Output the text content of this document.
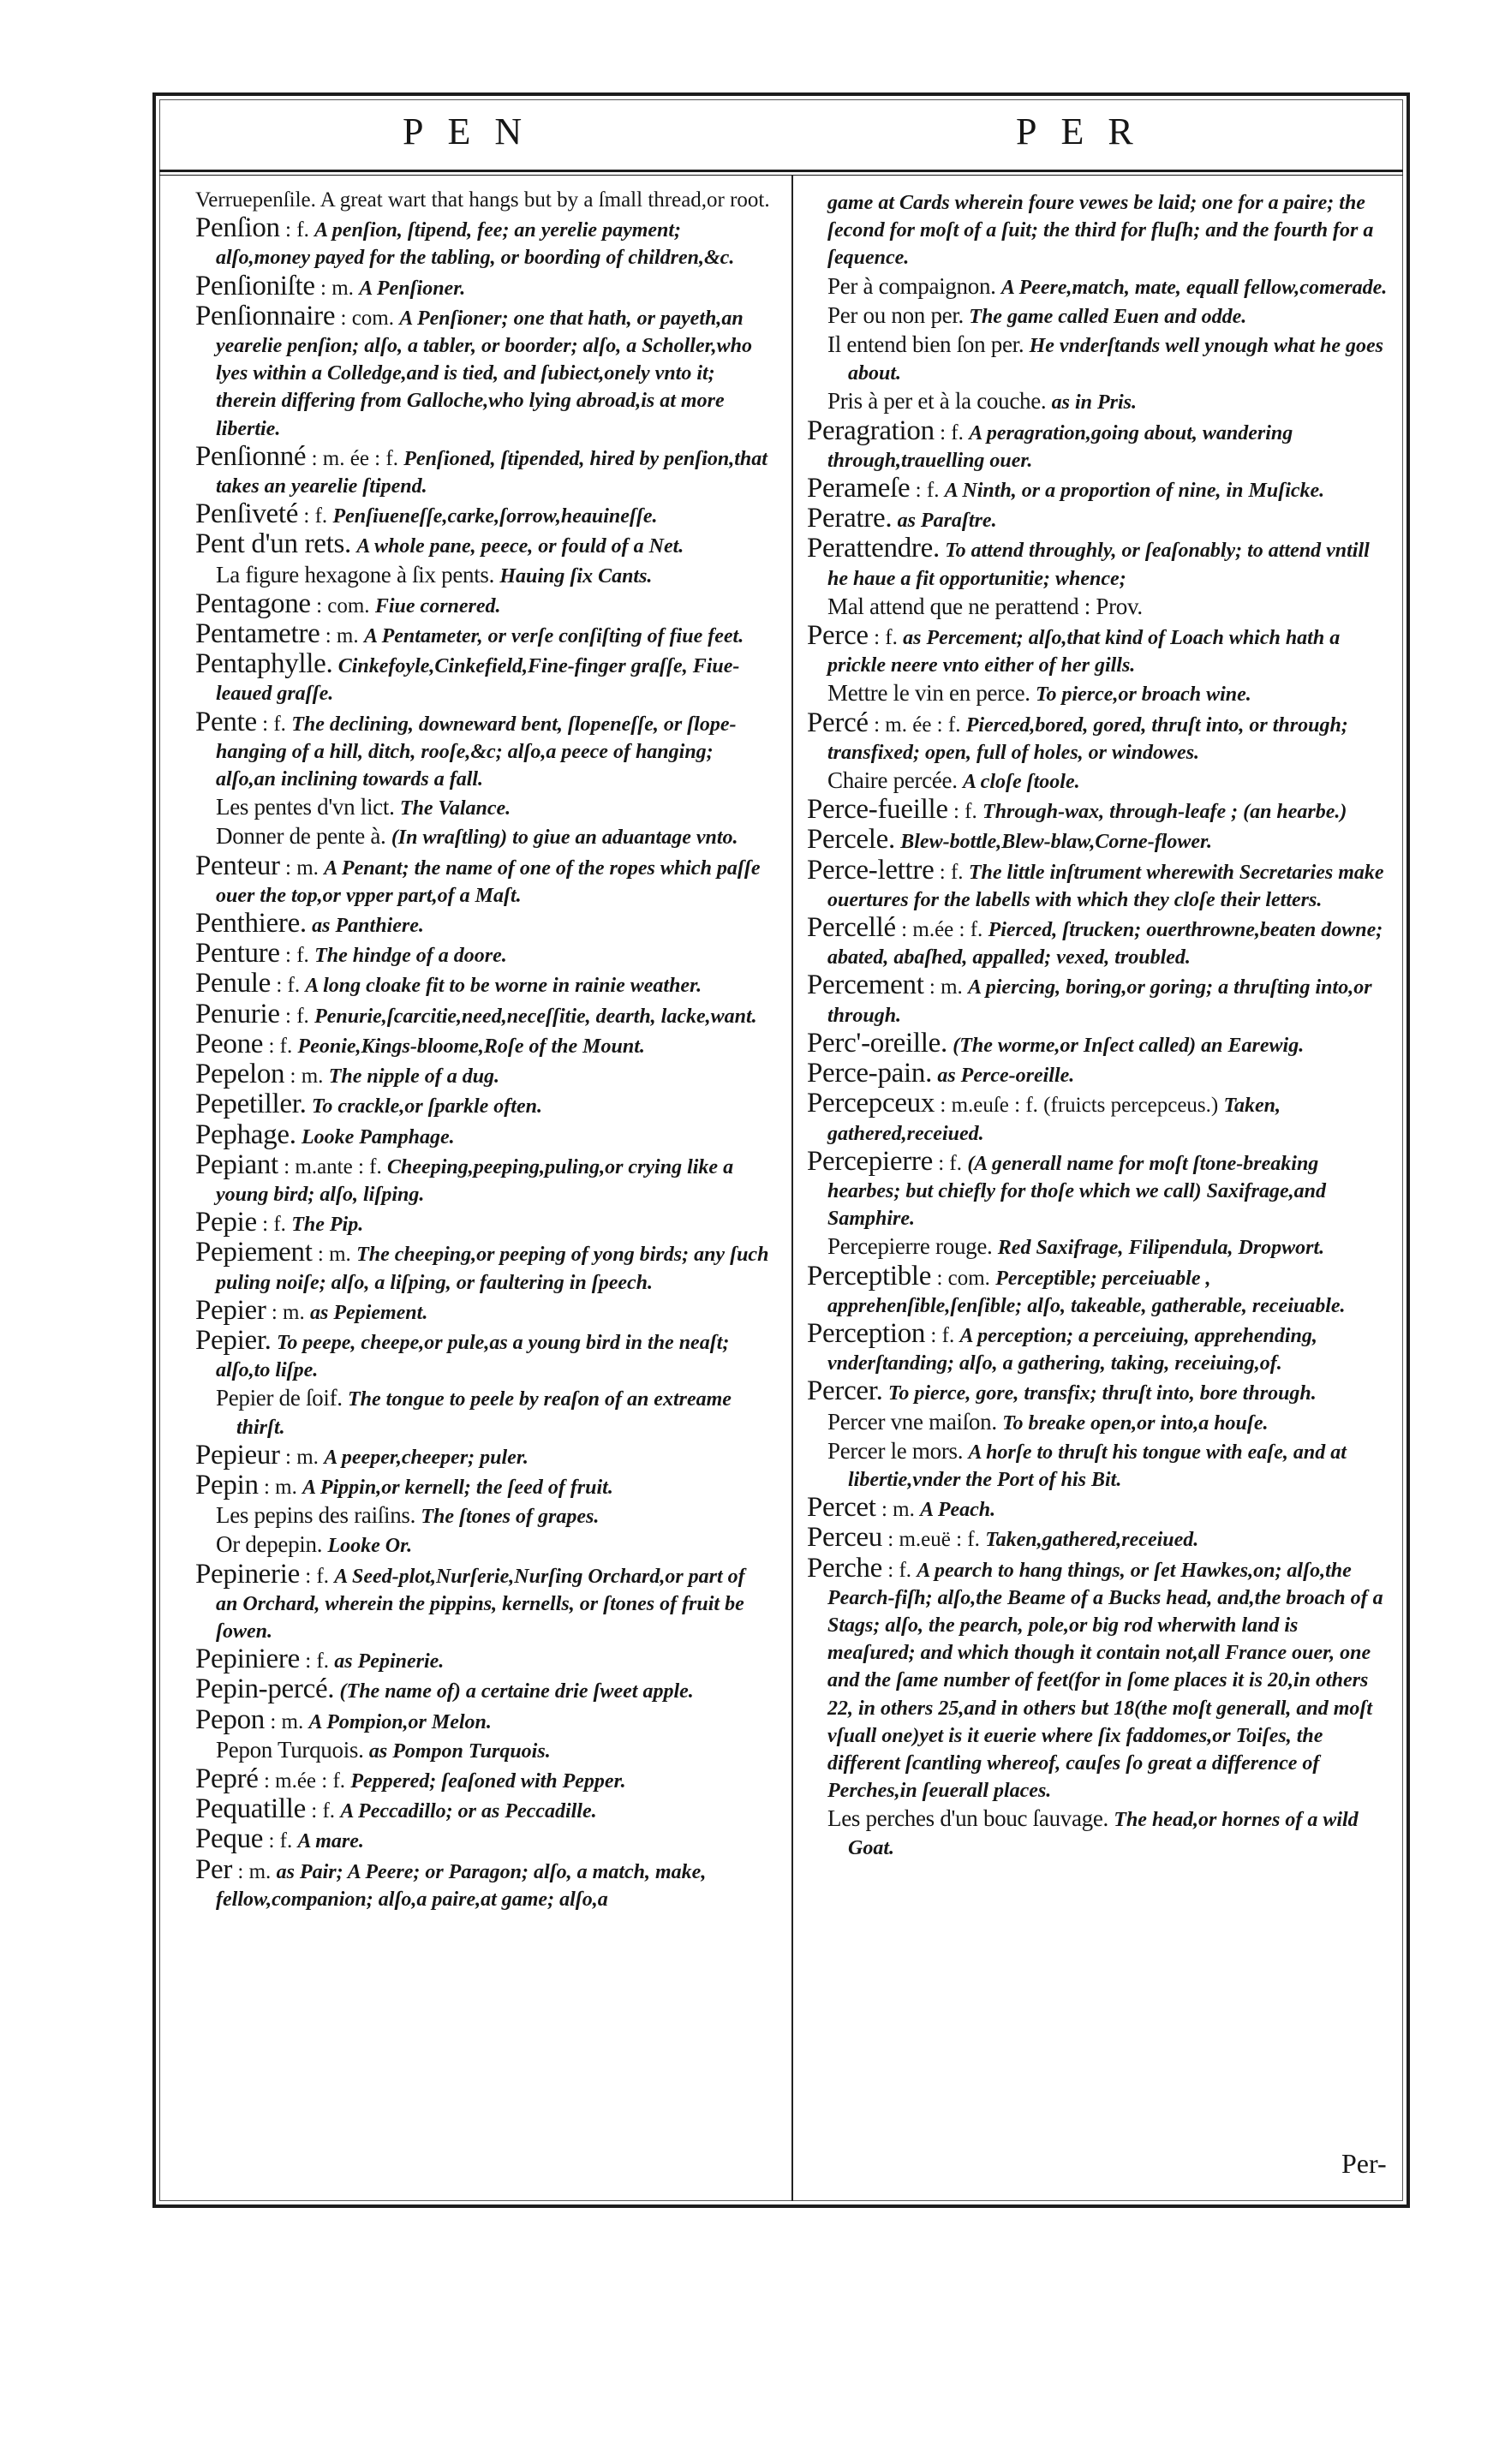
PEN	PER

Verruepenſile. A great wart that hangs but by a ſmall thread,or root.

Penſion : f. A penſion, ſtipend, fee; an yerelie payment; alſo,money payed for the tabling, or boording of children,&c.

Penſioniſte : m. A Penſioner.

Penſionnaire : com. A Penſioner; one that hath, or payeth,an yearelie penſion; alſo, a tabler, or boorder; alſo, a Scholler,who lyes within a Colledge,and is tied, and ſubiect,onely vnto it; therein differing from Galloche,who lying abroad,is at more libertie.

Penſionné : m. ée : f. Penſioned, ſtipended, hired by penſion,that takes an yearelie ſtipend.

Penſiveté : f. Penſiueneſſe,carke,ſorrow,heauineſſe.

Pent d'un rets. A whole pane, peece, or fould of a Net.

La figure hexagone à ſix pents. Hauing ſix Cants.

Pentagone : com. Fiue cornered.

Pentametre : m. A Pentameter, or verſe conſiſting of fiue feet.

Pentaphylle. Cinkefoyle,Cinkefield,Fine-finger graſſe, Fiue-leaued graſſe.

Pente : f. The declining, downeward bent, ſlopeneſſe, or ſlope-hanging of a hill, ditch, rooſe,&c; alſo,a peece of hanging; alſo,an inclining towards a fall.

Les pentes d'vn lict. The Valance.

Donner de pente à. (In wraſtling) to giue an aduantage vnto.

Penteur : m. A Penant; the name of one of the ropes which paſſe ouer the top,or vpper part,of a Maſt.

Penthiere. as Panthiere.

Penture : f. The hindge of a doore.

Penule : f. A long cloake fit to be worne in rainie weather.

Penurie : f. Penurie,ſcarcitie,need,neceſſitie, dearth, lacke,want.

Peone : f. Peonie,Kings-bloome,Roſe of the Mount.

Pepelon : m. The nipple of a dug.

Pepetiller. To crackle,or ſparkle often.

Pephage. Looke Pamphage.

Pepiant : m.ante : f. Cheeping,peeping,puling,or crying like a young bird; alſo, liſping.

Pepie : f. The Pip.

Pepiement : m. The cheeping,or peeping of yong birds; any ſuch puling noiſe; alſo, a liſping, or faultering in ſpeech.

Pepier : m. as Pepiement.

Pepier. To peepe, cheepe,or pule,as a young bird in the neaſt; alſo,to liſpe.

Pepier de ſoif. The tongue to peele by reaſon of an extreame thirſt.

Pepieur : m. A peeper,cheeper; puler.

Pepin : m. A Pippin,or kernell; the ſeed of fruit.

Les pepins des raiſins. The ſtones of grapes.

Or depepin. Looke Or.

Pepinerie : f. A Seed-plot,Nurſerie,Nurſing Orchard,or part of an Orchard, wherein the pippins, kernells, or ſtones of fruit be ſowen.

Pepiniere : f. as Pepinerie.

Pepin-percé. (The name of) a certaine drie ſweet apple.

Pepon : m. A Pompion,or Melon.

Pepon Turquois. as Pompon Turquois.

Pepré : m.ée : f. Peppered; ſeaſoned with Pepper.

Pequatille : f. A Peccadillo; or as Peccadille.

Peque : f. A mare.

Per : m. as Pair; A Peere; or Paragon; alſo, a match, make, fellow,companion; alſo,a paire,at game; alſo,a

game at Cards wherein foure vewes be laid; one for a paire; the ſecond for moſt of a ſuit; the third for fluſh; and the fourth for a ſequence.

Per à compaignon. A Peere,match, mate, equall fellow,comerade.

Per ou non per. The game called Euen and odde.

Il entend bien ſon per. He vnderſtands well ynough what he goes about.

Pris à per et à la couche. as in Pris.

Peragration : f. A peragration,going about, wandering through,trauelling ouer.

Perameſe : f. A Ninth, or a proportion of nine, in Muſicke.

Peratre. as Paraſtre.

Perattendre. To attend throughly, or ſeaſonably; to attend vntill he haue a fit opportunitie; whence;

Mal attend que ne perattend : Prov.

Perce : f. as Percement; alſo,that kind of Loach which hath a prickle neere vnto either of her gills.

Mettre le vin en perce. To pierce,or broach wine.

Percé : m. ée : f. Pierced,bored, gored, thruſt into, or through; transfixed; open, full of holes, or windowes.

Chaire percée. A cloſe ſtoole.

Perce-fueille : f. Through-wax, through-leafe ; (an hearbe.)

Percele. Blew-bottle,Blew-blaw,Corne-flower.

Perce-lettre : f. The little inſtrument wherewith Secretaries make ouertures for the labells with which they cloſe their letters.

Percellé : m.ée : f. Pierced, ſtrucken; ouerthrowne,beaten downe; abated, abaſhed, appalled; vexed, troubled.

Percement : m. A piercing, boring,or goring; a thruſting into,or through.

Perc'-oreille. (The worme,or Inſect called) an Earewig.

Perce-pain. as Perce-oreille.

Percepceux : m.euſe : f. (fruicts percepceus.) Taken, gathered,receiued.

Percepierre : f. (A generall name for moſt ſtone-breaking hearbes; but chiefly for thoſe which we call) Saxifrage,and Samphire.

Percepierre rouge. Red Saxifrage, Filipendula, Dropwort.

Perceptible : com. Perceptible; perceiuable , apprehenſible,ſenſible; alſo, takeable, gatherable, receiuable.

Perception : f. A perception; a perceiuing, apprehending, vnderſtanding; alſo, a gathering, taking, receiuing,of.

Percer. To pierce, gore, transfix; thruſt into, bore through.

Percer vne maiſon. To breake open,or into,a houſe.

Percer le mors. A horſe to thruſt his tongue with eaſe, and at libertie,vnder the Port of his Bit.

Percet : m. A Peach.

Perceu : m.euë : f. Taken,gathered,receiued.

Perche : f. A pearch to hang things, or ſet Hawkes,on; alſo,the Pearch-fiſh; alſo,the Beame of a Bucks head, and,the broach of a Stags; alſo, the pearch, pole,or big rod wherwith land is meaſured; and which though it contain not,all France ouer, one and the ſame number of feet(for in ſome places it is 20,in others 22, in others 25,and in others but 18(the moſt generall, and moſt vſuall one)yet is it euerie where ſix faddomes,or Toiſes, the different ſcantling whereof, cauſes ſo great a difference of Perches,in ſeuerall places.

Les perches d'un bouc ſauvage. The head,or hornes of a wild Goat.

Per-
